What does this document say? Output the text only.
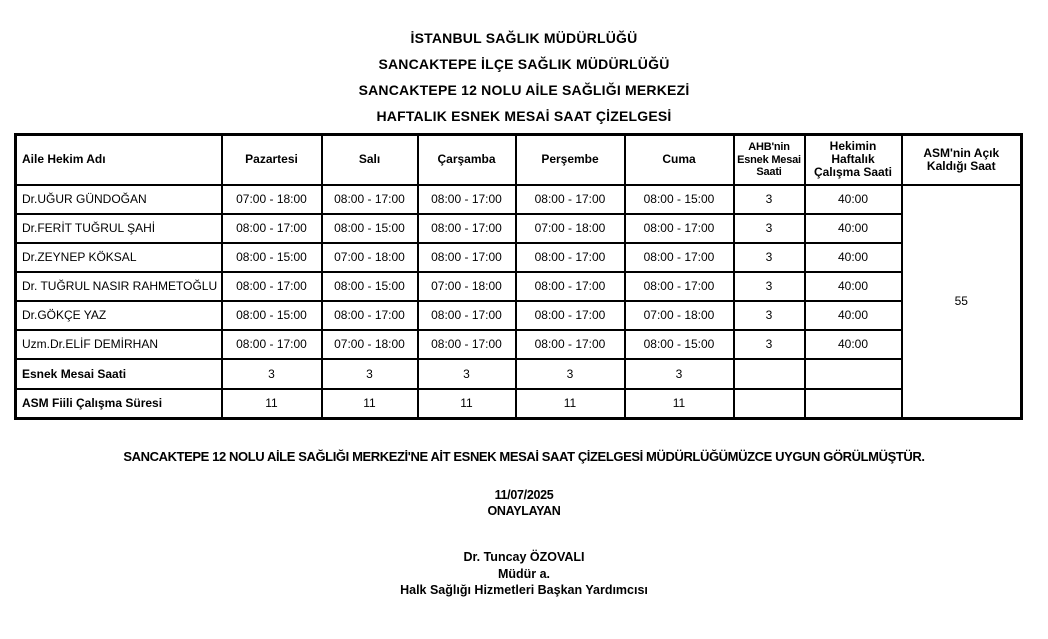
İSTANBUL SAĞLIK MÜDÜRLÜĞÜ
SANCAKTEPE İLÇE SAĞLIK MÜDÜRLÜĞÜ
SANCAKTEPE 12 NOLU AİLE SAĞLIĞI MERKEZİ
HAFTALIK ESNEK MESAİ SAAT ÇİZELGESİ
Aile Hekim Adı	Pazartesi	Salı	Çarşamba	Perşembe	Cuma	AHB'nin Esnek Mesai Saati	Hekimin Haftalık Çalışma Saati	ASM'nin Açık Kaldığı Saat
Dr.UĞUR GÜNDOĞAN	07:00 - 18:00	08:00 - 17:00	08:00 - 17:00	08:00 - 17:00	08:00 - 15:00	3	40:00	55
Dr.FERİT TUĞRUL ŞAHİ	08:00 - 17:00	08:00 - 15:00	08:00 - 17:00	07:00 - 18:00	08:00 - 17:00	3	40:00	
Dr.ZEYNEP KÖKSAL	08:00 - 15:00	07:00 - 18:00	08:00 - 17:00	08:00 - 17:00	08:00 - 17:00	3	40:00	
Dr. TUĞRUL NASIR RAHMETOĞLU	08:00 - 17:00	08:00 - 15:00	07:00 - 18:00	08:00 - 17:00	08:00 - 17:00	3	40:00	
Dr.GÖKÇE YAZ	08:00 - 15:00	08:00 - 17:00	08:00 - 17:00	08:00 - 17:00	07:00 - 18:00	3	40:00	
Uzm.Dr.ELİF DEMİRHAN	08:00 - 17:00	07:00 - 18:00	08:00 - 17:00	08:00 - 17:00	08:00 - 15:00	3	40:00	
Esnek Mesai Saati	3	3	3	3	3			
ASM Fiili Çalışma Süresi	11	11	11	11	11			

SANCAKTEPE 12 NOLU AİLE SAĞLIĞI MERKEZİ'NE AİT ESNEK MESAİ SAAT ÇİZELGESİ MÜDÜRLÜĞÜMÜZCE UYGUN GÖRÜLMÜŞTÜR.

11/07/2025
ONAYLAYAN
Dr. Tuncay ÖZOVALI
Müdür a.
Halk Sağlığı Hizmetleri Başkan Yardımcısı
